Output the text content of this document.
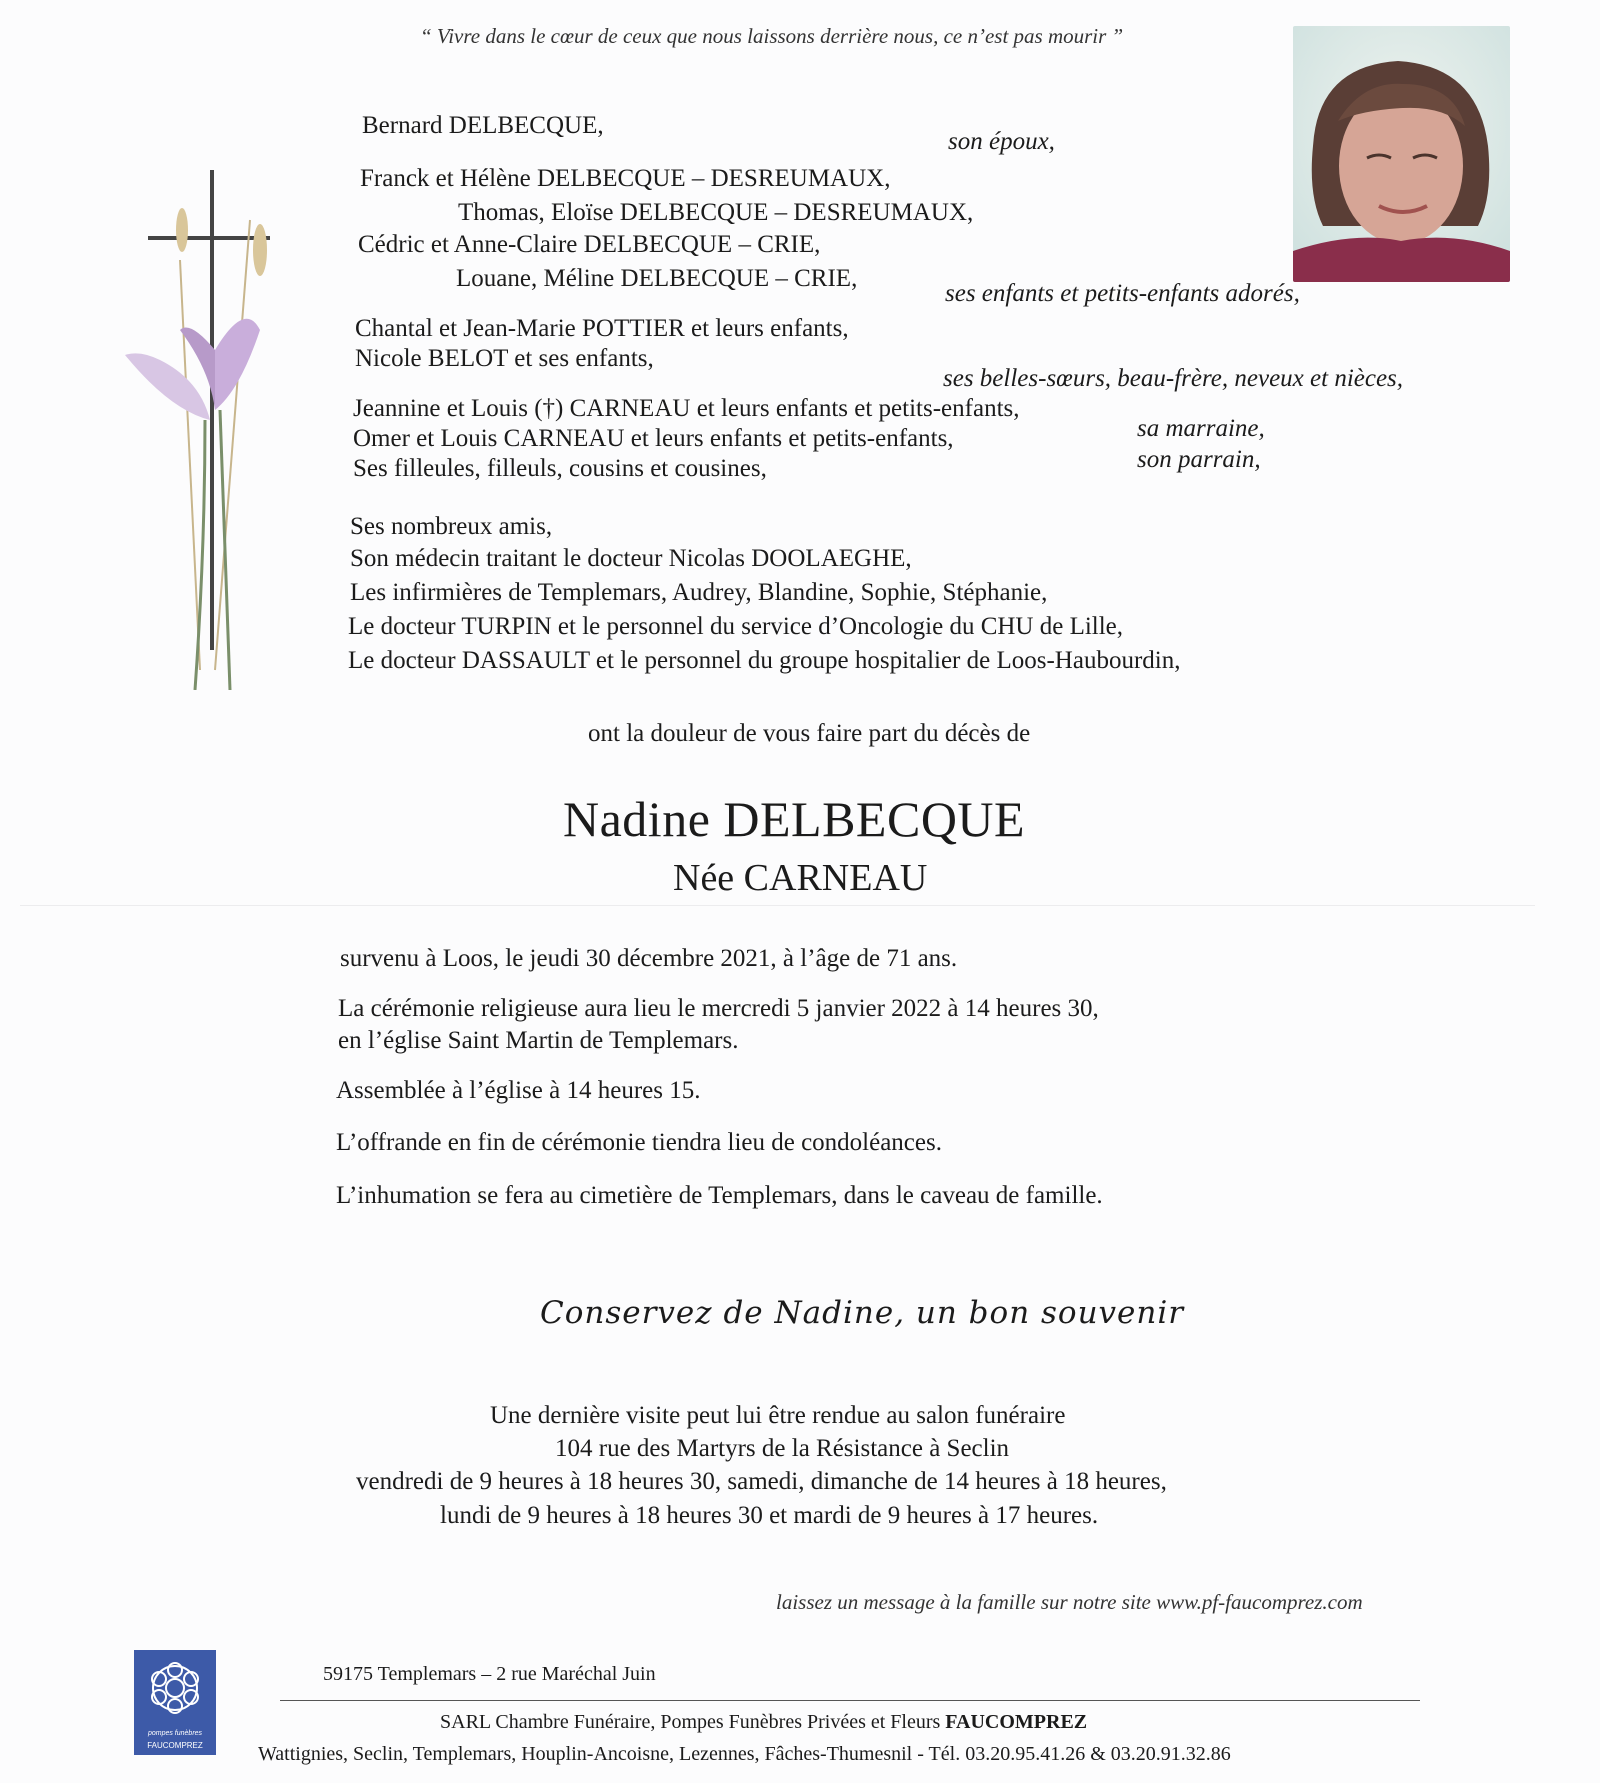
“ Vivre dans le cœur de ceux que nous laissons derrière nous, ce n’est pas mourir ”
Bernard DELBECQUE,
Franck et Hélène DELBECQUE – DESREUMAUX,
Thomas, Eloïse DELBECQUE – DESREUMAUX,
Cédric et Anne-Claire DELBECQUE – CRIE,
Louane, Méline DELBECQUE – CRIE,
Chantal et Jean-Marie POTTIER et leurs enfants,
Nicole BELOT et ses enfants,
Jeannine et Louis (†) CARNEAU et leurs enfants et petits-enfants,
Omer et Louis CARNEAU et leurs enfants et petits-enfants,
Ses filleules, filleuls, cousins et cousines,
Ses nombreux amis,
Son médecin traitant le docteur Nicolas DOOLAEGHE,
Les infirmières de Templemars, Audrey, Blandine, Sophie, Stéphanie,
Le docteur TURPIN et le personnel du service d’Oncologie du CHU de Lille,
Le docteur DASSAULT et le personnel du groupe hospitalier de Loos-Haubourdin,
son époux,
ses enfants et petits-enfants adorés,
ses belles-sœurs, beau-frère, neveux et nièces,
sa marraine,
son parrain,
ont la douleur de vous faire part du décès de
Nadine DELBECQUE
Née CARNEAU
survenu à Loos, le jeudi 30 décembre 2021, à l’âge de 71 ans.
La cérémonie religieuse aura lieu le mercredi 5 janvier 2022 à 14 heures 30,
en l’église Saint Martin de Templemars.
Assemblée à l’église à 14 heures 15.
L’offrande en fin de cérémonie tiendra lieu de condoléances.
L’inhumation se fera au cimetière de Templemars, dans le caveau de famille.
Conservez de Nadine, un bon souvenir
Une dernière visite peut lui être rendue au salon funéraire
104 rue des Martyrs de la Résistance à Seclin
vendredi de 9 heures à 18 heures 30, samedi, dimanche de 14 heures à 18 heures,
lundi de 9 heures à 18 heures 30 et mardi de 9 heures à 17 heures.
laissez un message à la famille sur notre site www.pf-faucomprez.com
pompes funèbres
FAUCOMPREZ
59175 Templemars – 2 rue Maréchal Juin
SARL Chambre Funéraire, Pompes Funèbres Privées et Fleurs FAUCOMPREZ
Wattignies, Seclin, Templemars, Houplin-Ancoisne, Lezennes, Fâches-Thumesnil - Tél. 03.20.95.41.26 & 03.20.91.32.86
